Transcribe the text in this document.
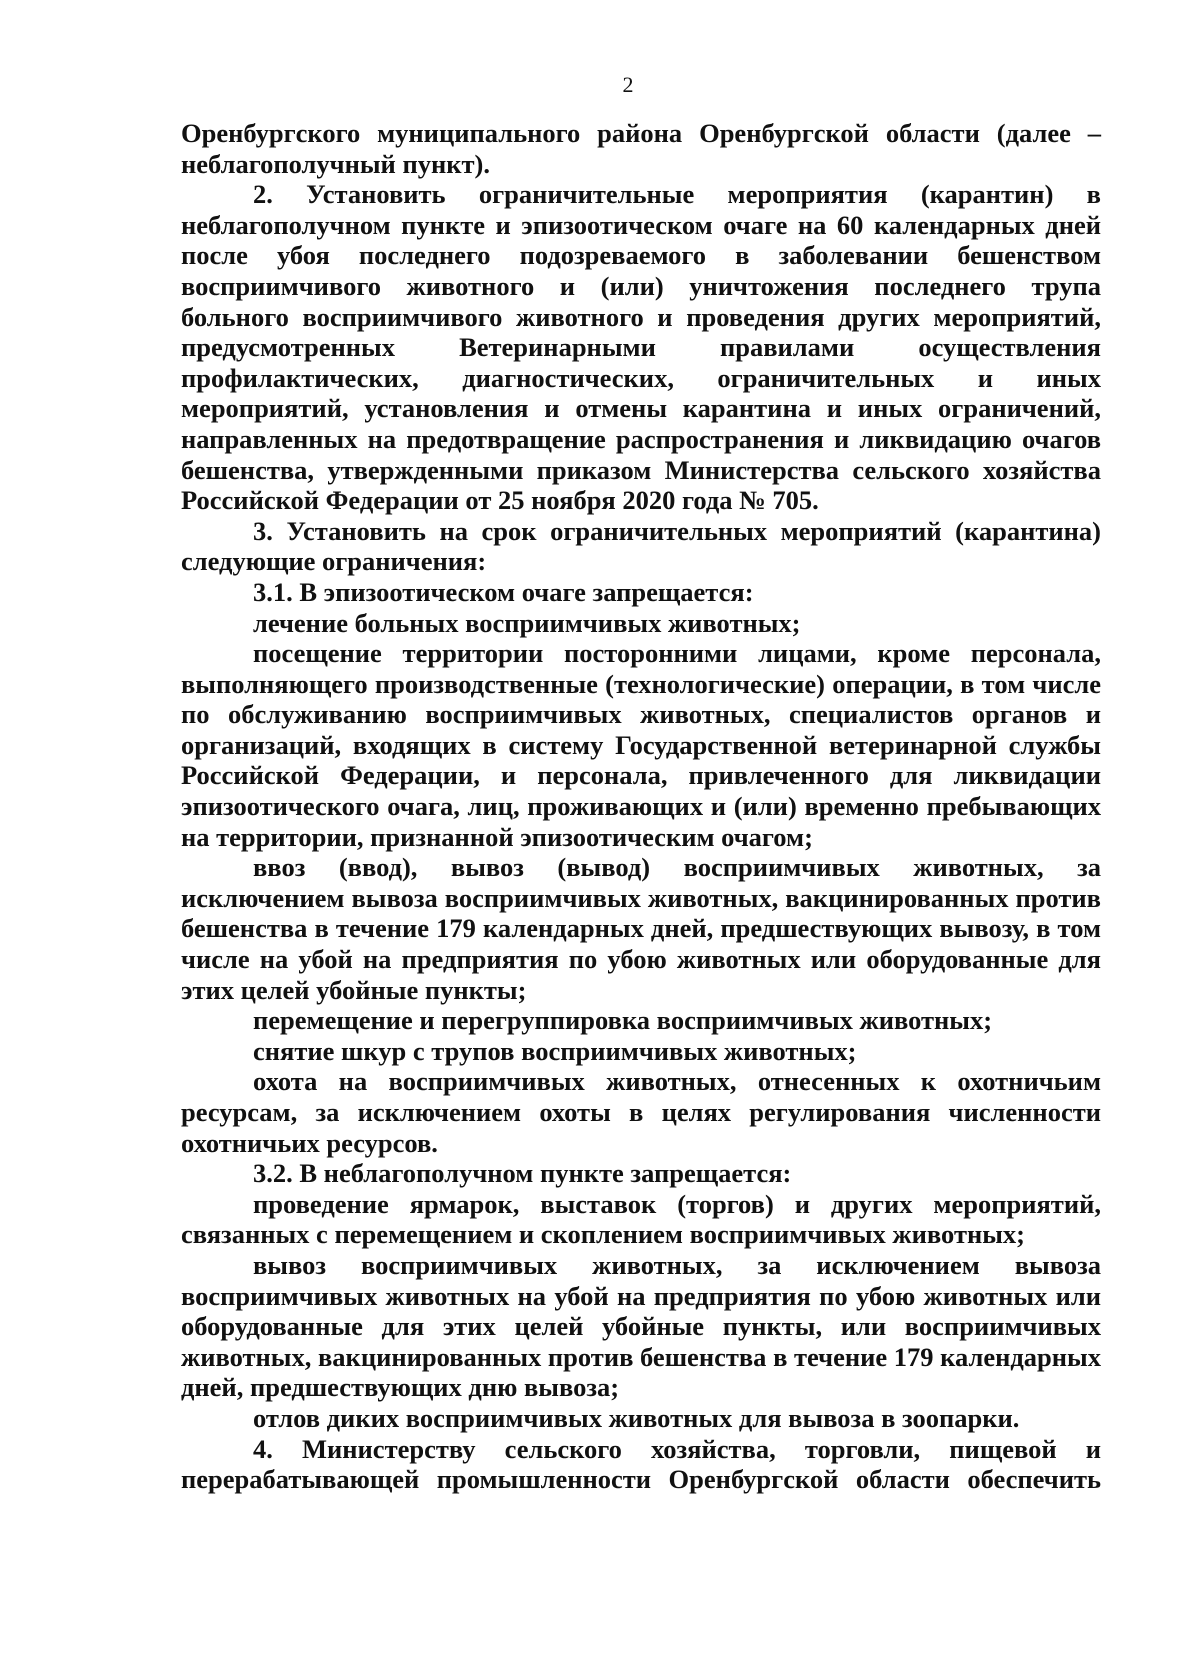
2

Оренбургского муниципального района Оренбургской области (далее – неблагополучный пункт).

2. Установить ограничительные мероприятия (карантин) в неблагополучном пункте и эпизоотическом очаге на 60 календарных дней после убоя последнего подозреваемого в заболевании бешенством восприимчивого животного и (или) уничтожения последнего трупа больного восприимчивого животного и проведения других мероприятий, предусмотренных Ветеринарными правилами осуществления профилактических, диагностических, ограничительных и иных мероприятий, установления и отмены карантина и иных ограничений, направленных на предотвращение распространения и ликвидацию очагов бешенства, утвержденными приказом Министерства сельского хозяйства Российской Федерации от 25 ноября 2020 года № 705.

3. Установить на срок ограничительных мероприятий (карантина) следующие ограничения:

3.1. В эпизоотическом очаге запрещается:

лечение больных восприимчивых животных;

посещение территории посторонними лицами, кроме персонала, выполняющего производственные (технологические) операции, в том числе по обслуживанию восприимчивых животных, специалистов органов и организаций, входящих в систему Государственной ветеринарной службы Российской Федерации, и персонала, привлеченного для ликвидации эпизоотического очага, лиц, проживающих и (или) временно пребывающих на территории, признанной эпизоотическим очагом;

ввоз (ввод), вывоз (вывод) восприимчивых животных, за исключением вывоза восприимчивых животных, вакцинированных против бешенства в течение 179 календарных дней, предшествующих вывозу, в том числе на убой на предприятия по убою животных или оборудованные для этих целей убойные пункты;

перемещение и перегруппировка восприимчивых животных;

снятие шкур с трупов восприимчивых животных;

охота на восприимчивых животных, отнесенных к охотничьим ресурсам, за исключением охоты в целях регулирования численности охотничьих ресурсов.

3.2. В неблагополучном пункте запрещается:

проведение ярмарок, выставок (торгов) и других мероприятий, связанных с перемещением и скоплением восприимчивых животных;

вывоз восприимчивых животных, за исключением вывоза восприимчивых животных на убой на предприятия по убою животных или оборудованные для этих целей убойные пункты, или восприимчивых животных, вакцинированных против бешенства в течение 179 календарных дней, предшествующих дню вывоза;

отлов диких восприимчивых животных для вывоза в зоопарки.

4. Министерству сельского хозяйства, торговли, пищевой и перерабатывающей промышленности Оренбургской области обеспечить
